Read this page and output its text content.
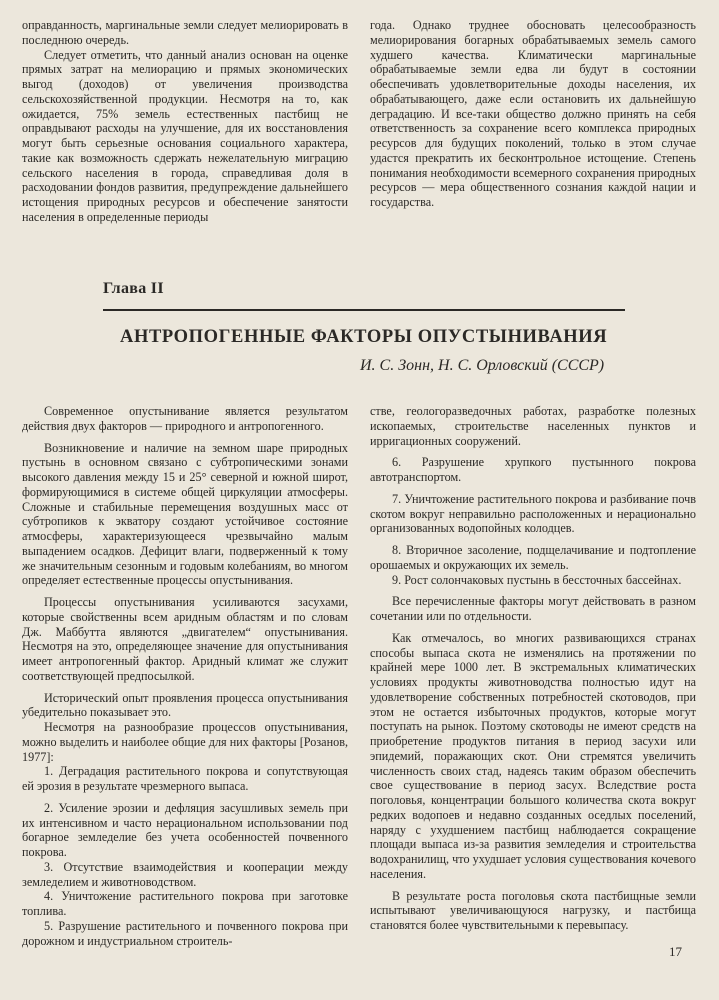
оправданность, маргинальные земли следует мелиорировать в последнюю очередь.

Следует отметить, что данный анализ основан на оценке прямых затрат на мелиорацию и прямых экономических выгод (доходов) от увеличения производства сельскохозяйственной продукции. Несмотря на то, как ожидается, 75% земель естественных пастбищ не оправдывают расходы на улучшение, для их восстановления могут быть серьезные основания социального характера, такие как возможность сдержать нежелательную миграцию сельского населения в города, справедливая доля в расходовании фондов развития, предупреждение дальнейшего истощения природных ресурсов и обеспечение занятости населения в определенные периоды

года. Однако труднее обосновать целесообразность мелиорирования богарных обрабатываемых земель самого худшего качества. Климатически маргинальные обрабатываемые земли едва ли будут в состоянии обеспечивать удовлетворительные доходы населения, их обрабатывающего, даже если остановить их дальнейшую деградацию. И все-таки общество должно принять на себя ответственность за сохранение всего комплекса природных ресурсов для будущих поколений, только в этом случае удастся прекратить их бесконтрольное истощение. Степень понимания необходимости всемерного сохранения природных ресурсов — мера общественного сознания каждой нации и государства.

Глава II
АНТРОПОГЕННЫЕ ФАКТОРЫ ОПУСТЫНИВАНИЯ
И. С. Зонн, Н. С. Орловский (СССР)

Современное опустынивание является результатом действия двух факторов — природного и антропогенного.

Возникновение и наличие на земном шаре природных пустынь в основном связано с субтропическими зонами высокого давления между 15 и 25° северной и южной широт, формирующимися в системе общей циркуляции атмосферы. Сложные и стабильные перемещения воздушных масс от субтропиков к экватору создают устойчивое состояние атмосферы, характеризующееся чрезвычайно малым выпадением осадков. Дефицит влаги, подверженный к тому же значительным сезонным и годовым колебаниям, во многом определяет естественные процессы опустынивания.

Процессы опустынивания усиливаются засухами, которые свойственны всем аридным областям и по словам Дж. Маббутта являются „двигателем“ опустынивания. Несмотря на это, определяющее значение для опустынивания имеет антропогенный фактор. Аридный климат же служит соответствующей предпосылкой.

Исторический опыт проявления процесса опустынивания убедительно показывает это.

Несмотря на разнообразие процессов опустынивания, можно выделить и наиболее общие для них факторы [Розанов, 1977]:

1. Деградация растительного покрова и сопутствующая ей эрозия в результате чрезмерного выпаса.

2. Усиление эрозии и дефляция засушливых земель при их интенсивном и часто нерациональном использовании под богарное земледелие без учета особенностей почвенного покрова.

3. Отсутствие взаимодействия и кооперации между земледелием и животноводством.

4. Уничтожение растительного покрова при заготовке топлива.

5. Разрушение растительного и почвенного покрова при дорожном и индустриальном строитель-

стве, геологоразведочных работах, разработке полезных ископаемых, строительстве населенных пунктов и ирригационных сооружений.

6. Разрушение хрупкого пустынного покрова автотранспортом.

7. Уничтожение растительного покрова и разбивание почв скотом вокруг неправильно расположенных и нерационально организованных водопойных колодцев.

8. Вторичное засоление, подщелачивание и подтопление орошаемых и окружающих их земель.

9. Рост солончаковых пустынь в бессточных бассейнах.

Все перечисленные факторы могут действовать в разном сочетании или по отдельности.

Как отмечалось, во многих развивающихся странах способы выпаса скота не изменялись на протяжении по крайней мере 1000 лет. В экстремальных климатических условиях продукты животноводства полностью идут на удовлетворение собственных потребностей скотоводов, при этом не остается избыточных продуктов, которые могут поступать на рынок. Поэтому скотоводы не имеют средств на приобретение продуктов питания в период засухи или эпидемий, поражающих скот. Они стремятся увеличить численность своих стад, надеясь таким образом обеспечить свое существование в период засух. Вследствие роста поголовья, концентрации большого количества скота вокруг редких водопоев и недавно созданных оседлых поселений, наряду с ухудшением пастбищ наблюдается сокращение площади выпаса из-за развития земледелия и строительства водохранилищ, что ухудшает условия существования кочевого населения.

В результате роста поголовья скота пастбищные земли испытывают увеличивающуюся нагрузку, и пастбища становятся более чувствительными к перевыпасу.

17
